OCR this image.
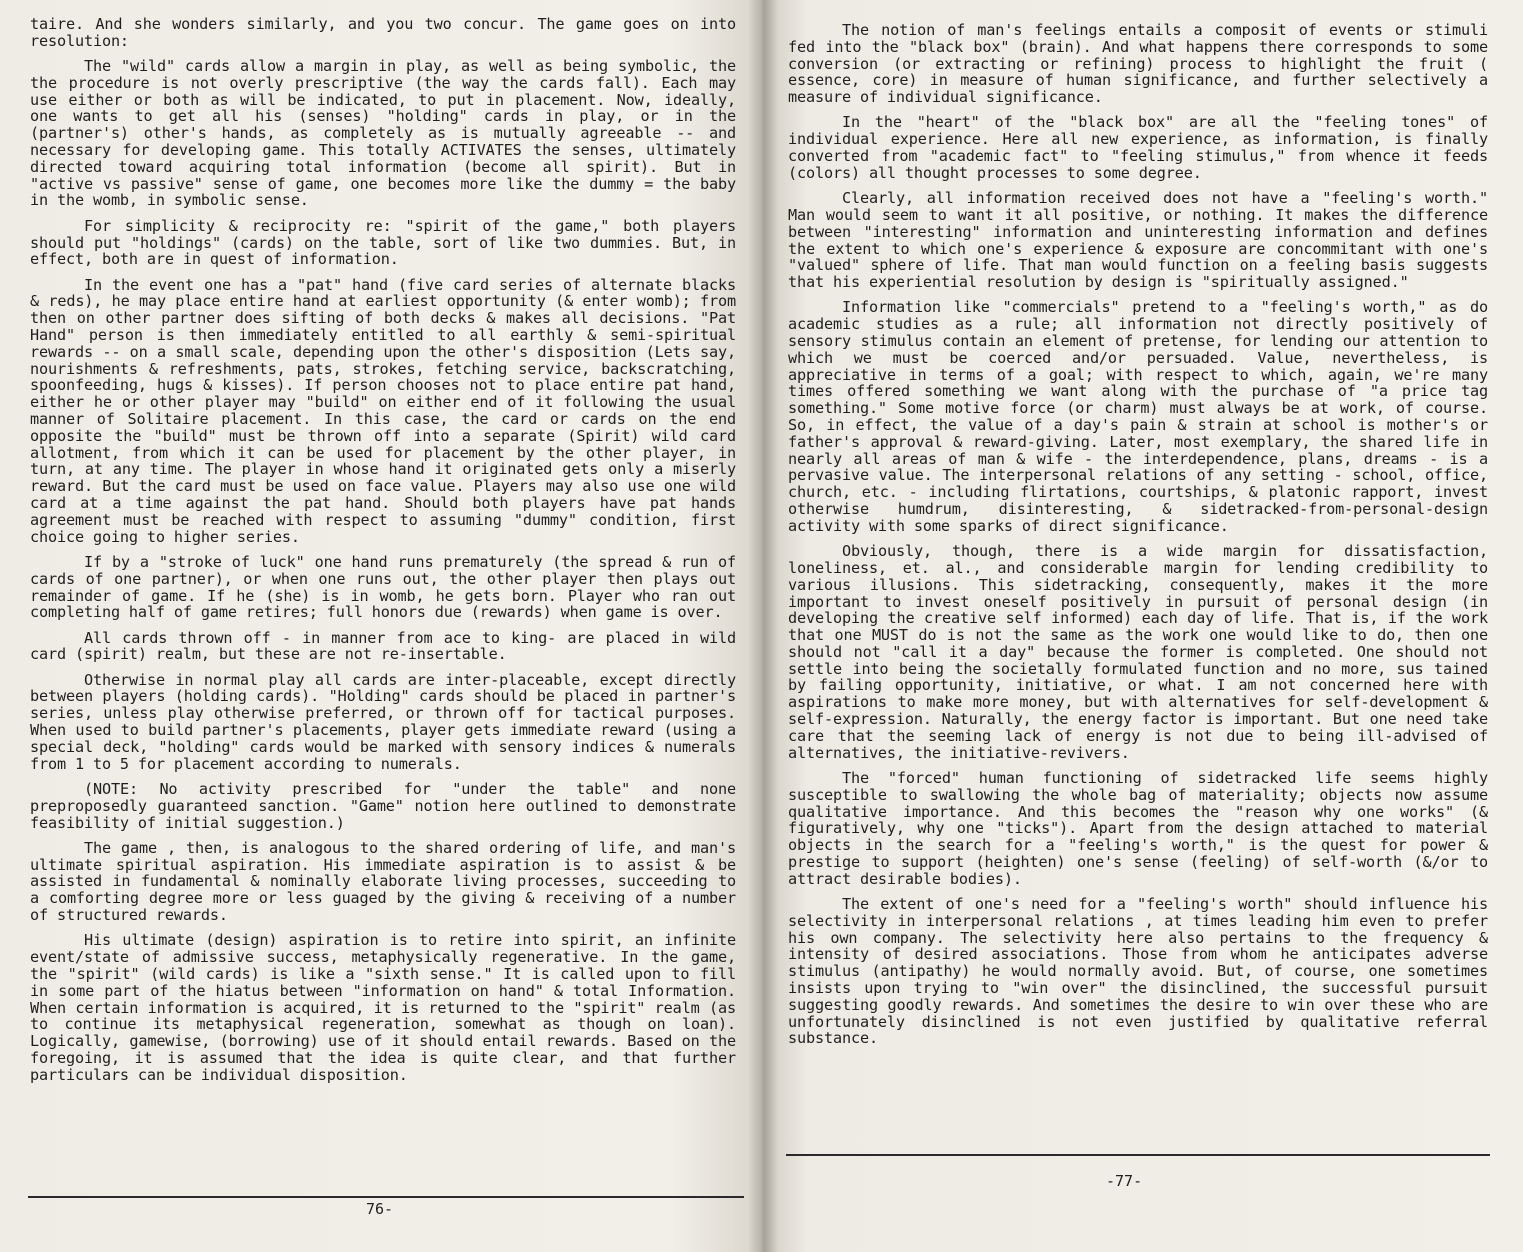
taire. And she wonders similarly, and you two concur. The game goes on into resolution:

The "wild" cards allow a margin in play, as well as being symbolic, the the procedure is not overly prescriptive (the way the cards fall). Each may use either or both as will be indicated, to put in placement. Now, ideally, one wants to get all his (senses) "holding" cards in play, or in the (partner's) other's hands, as completely as is mutually agreeable -- and necessary for developing game. This totally ACTIVATES the senses, ultimately directed toward acquiring total information (become all spirit). But in "active vs passive" sense of game, one becomes more like the dummy = the baby in the womb, in symbolic sense.

For simplicity & reciprocity re: "spirit of the game," both players should put "holdings" (cards) on the table, sort of like two dummies. But, in effect, both are in quest of information.

In the event one has a "pat" hand (five card series of alternate blacks & reds), he may place entire hand at earliest opportunity (& enter womb); from then on other partner does sifting of both decks & makes all decisions. "Pat Hand" person is then immediately entitled to all earthly & semi-spiritual rewards -- on a small scale, depending upon the other's disposition (Lets say, nourishments & refreshments, pats, strokes, fetching service, backscratching, spoonfeeding, hugs & kisses). If person chooses not to place entire pat hand, either he or other player may "build" on either end of it following the usual manner of Solitaire placement. In this case, the card or cards on the end opposite the "build" must be thrown off into a separate (Spirit) wild card allotment, from which it can be used for placement by the other player, in turn, at any time. The player in whose hand it originated gets only a miserly reward. But the card must be used on face value. Players may also use one wild card at a time against the pat hand. Should both players have pat hands agreement must be reached with respect to assuming "dummy" condition, first choice going to higher series.

If by a "stroke of luck" one hand runs prematurely (the spread & run of cards of one partner), or when one runs out, the other player then plays out remainder of game. If he (she) is in womb, he gets born. Player who ran out completing half of game retires; full honors due (rewards) when game is over.

All cards thrown off - in manner from ace to king- are placed in wild card (spirit) realm, but these are not re-insertable.

Otherwise in normal play all cards are inter-placeable, except directly between players (holding cards). "Holding" cards should be placed in partner's series, unless play otherwise preferred, or thrown off for tactical purposes. When used to build partner's placements, player gets immediate reward (using a special deck, "holding" cards would be marked with sensory indices & numerals from 1 to 5 for placement according to numerals.

(NOTE: No activity prescribed for "under the table" and none preproposedly guaranteed sanction. "Game" notion here outlined to demonstrate feasibility of initial suggestion.)

The game , then, is analogous to the shared ordering of life, and man's ultimate spiritual aspiration. His immediate aspiration is to assist & be assisted in fundamental & nominally elaborate living processes, succeeding to a comforting degree more or less guaged by the giving & receiving of a number of structured rewards.

His ultimate (design) aspiration is to retire into spirit, an infinite event/state of admissive success, metaphysically regenerative. In the game, the "spirit" (wild cards) is like a "sixth sense." It is called upon to fill in some part of the hiatus between "information on hand" & total Information. When certain information is acquired, it is returned to the "spirit" realm (as to continue its metaphysical regeneration, somewhat as though on loan). Logically, gamewise, (borrowing) use of it should entail rewards. Based on the foregoing, it is assumed that the idea is quite clear, and that further particulars can be individual disposition.

76-

The notion of man's feelings entails a composit of events or stimuli fed into the "black box" (brain). And what happens there corresponds to some conversion (or extracting or refining) process to highlight the fruit ( essence, core) in measure of human significance, and further selectively a measure of individual significance.

In the "heart" of the "black box" are all the "feeling tones" of individual experience. Here all new experience, as information, is finally converted from "academic fact" to "feeling stimulus," from whence it feeds (colors) all thought processes to some degree.

Clearly, all information received does not have a "feeling's worth." Man would seem to want it all positive, or nothing. It makes the difference between "interesting" information and uninteresting information and defines the extent to which one's experience & exposure are concommitant with one's "valued" sphere of life. That man would function on a feeling basis suggests that his experiential resolution by design is "spiritually assigned."

Information like "commercials" pretend to a "feeling's worth," as do academic studies as a rule; all information not directly positively of sensory stimulus contain an element of pretense, for lending our attention to which we must be coerced and/or persuaded. Value, nevertheless, is appreciative in terms of a goal; with respect to which, again, we're many times offered something we want along with the purchase of "a price tag something." Some motive force (or charm) must always be at work, of course. So, in effect, the value of a day's pain & strain at school is mother's or father's approval & reward-giving. Later, most exemplary, the shared life in nearly all areas of man & wife - the interdependence, plans, dreams - is a pervasive value. The interpersonal relations of any setting - school, office, church, etc. - including flirtations, courtships, & platonic rapport, invest otherwise humdrum, disinteresting, & sidetracked-from-personal-design activity with some sparks of direct significance.

Obviously, though, there is a wide margin for dissatisfaction, loneliness, et. al., and considerable margin for lending credibility to various illusions. This sidetracking, consequently, makes it the more important to invest oneself positively in pursuit of personal design (in developing the creative self informed) each day of life. That is, if the work that one MUST do is not the same as the work one would like to do, then one should not "call it a day" because the former is completed. One should not settle into being the societally formulated function and no more, sus tained by failing opportunity, initiative, or what. I am not concerned here with aspirations to make more money, but with alternatives for self-development & self-expression. Naturally, the energy factor is important. But one need take care that the seeming lack of energy is not due to being ill-advised of alternatives, the initiative-revivers.

The "forced" human functioning of sidetracked life seems highly susceptible to swallowing the whole bag of materiality; objects now assume qualitative importance. And this becomes the "reason why one works" (& figuratively, why one "ticks"). Apart from the design attached to material objects in the search for a "feeling's worth," is the quest for power & prestige to support (heighten) one's sense (feeling) of self-worth (&/or to attract desirable bodies).

The extent of one's need for a "feeling's worth" should influence his selectivity in interpersonal relations , at times leading him even to prefer his own company. The selectivity here also pertains to the frequency & intensity of desired associations. Those from whom he anticipates adverse stimulus (antipathy) he would normally avoid. But, of course, one sometimes insists upon trying to "win over" the disinclined, the successful pursuit suggesting goodly rewards. And sometimes the desire to win over these who are unfortunately disinclined is not even justified by qualitative referral substance.

-77-
